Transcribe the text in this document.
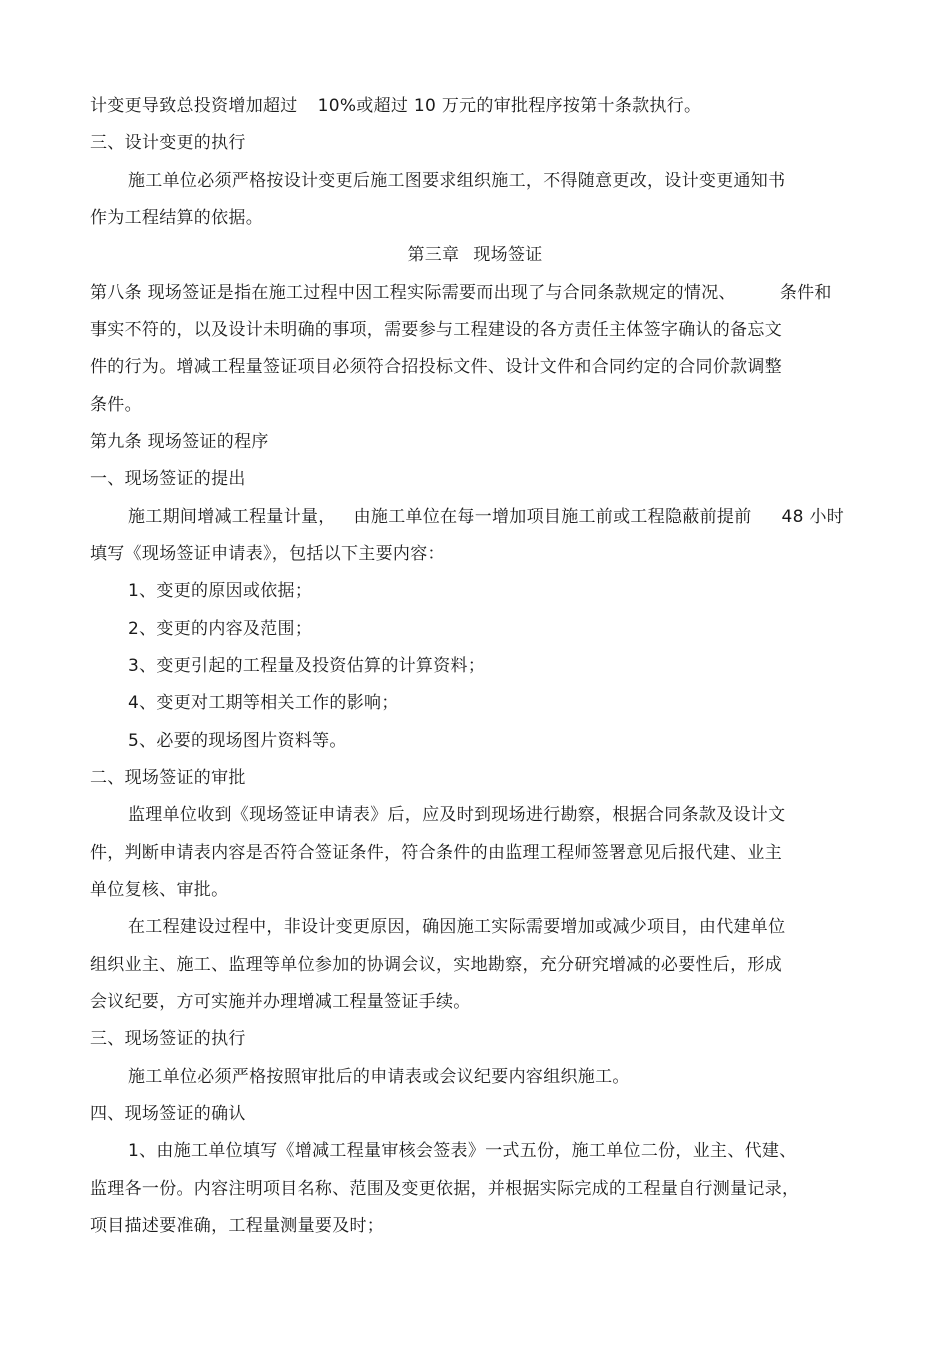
计变更导致总投资增加超过 10%或超过 10 万元的审批程序按第十条款执行。
三、设计变更的执行
施工单位必须严格按设计变更后施工图要求组织施工，不得随意更改，设计变更通知书
作为工程结算的依据。
第三章 现场签证
第八条 现场签证是指在施工过程中因工程实际需要而出现了与合同条款规定的情况、	条件和
事实不符的，以及设计未明确的事项，需要参与工程建设的各方责任主体签字确认的备忘文
件的行为。增减工程量签证项目必须符合招投标文件、设计文件和合同约定的合同价款调整
条件。
第九条 现场签证的程序
一、现场签证的提出
施工期间增减工程量计量， 由施工单位在每一增加项目施工前或工程隐蔽前提前 48 小时
填写《现场签证申请表》，包括以下主要内容：
1、变更的原因或依据；
2、变更的内容及范围；
3、变更引起的工程量及投资估算的计算资料；
4、变更对工期等相关工作的影响；
5、必要的现场图片资料等。
二、现场签证的审批
监理单位收到《现场签证申请表》后，应及时到现场进行勘察，根据合同条款及设计文
件，判断申请表内容是否符合签证条件，符合条件的由监理工程师签署意见后报代建、业主
单位复核、审批。
在工程建设过程中，非设计变更原因，确因施工实际需要增加或减少项目，由代建单位
组织业主、施工、监理等单位参加的协调会议，实地勘察，充分研究增减的必要性后，形成
会议纪要，方可实施并办理增减工程量签证手续。
三、现场签证的执行
施工单位必须严格按照审批后的申请表或会议纪要内容组织施工。
四、现场签证的确认
1、由施工单位填写《增减工程量审核会签表》一式五份，施工单位二份，业主、代建、
监理各一份。内容注明项目名称、范围及变更依据，并根据实际完成的工程量自行测量记录，
项目描述要准确，工程量测量要及时；
